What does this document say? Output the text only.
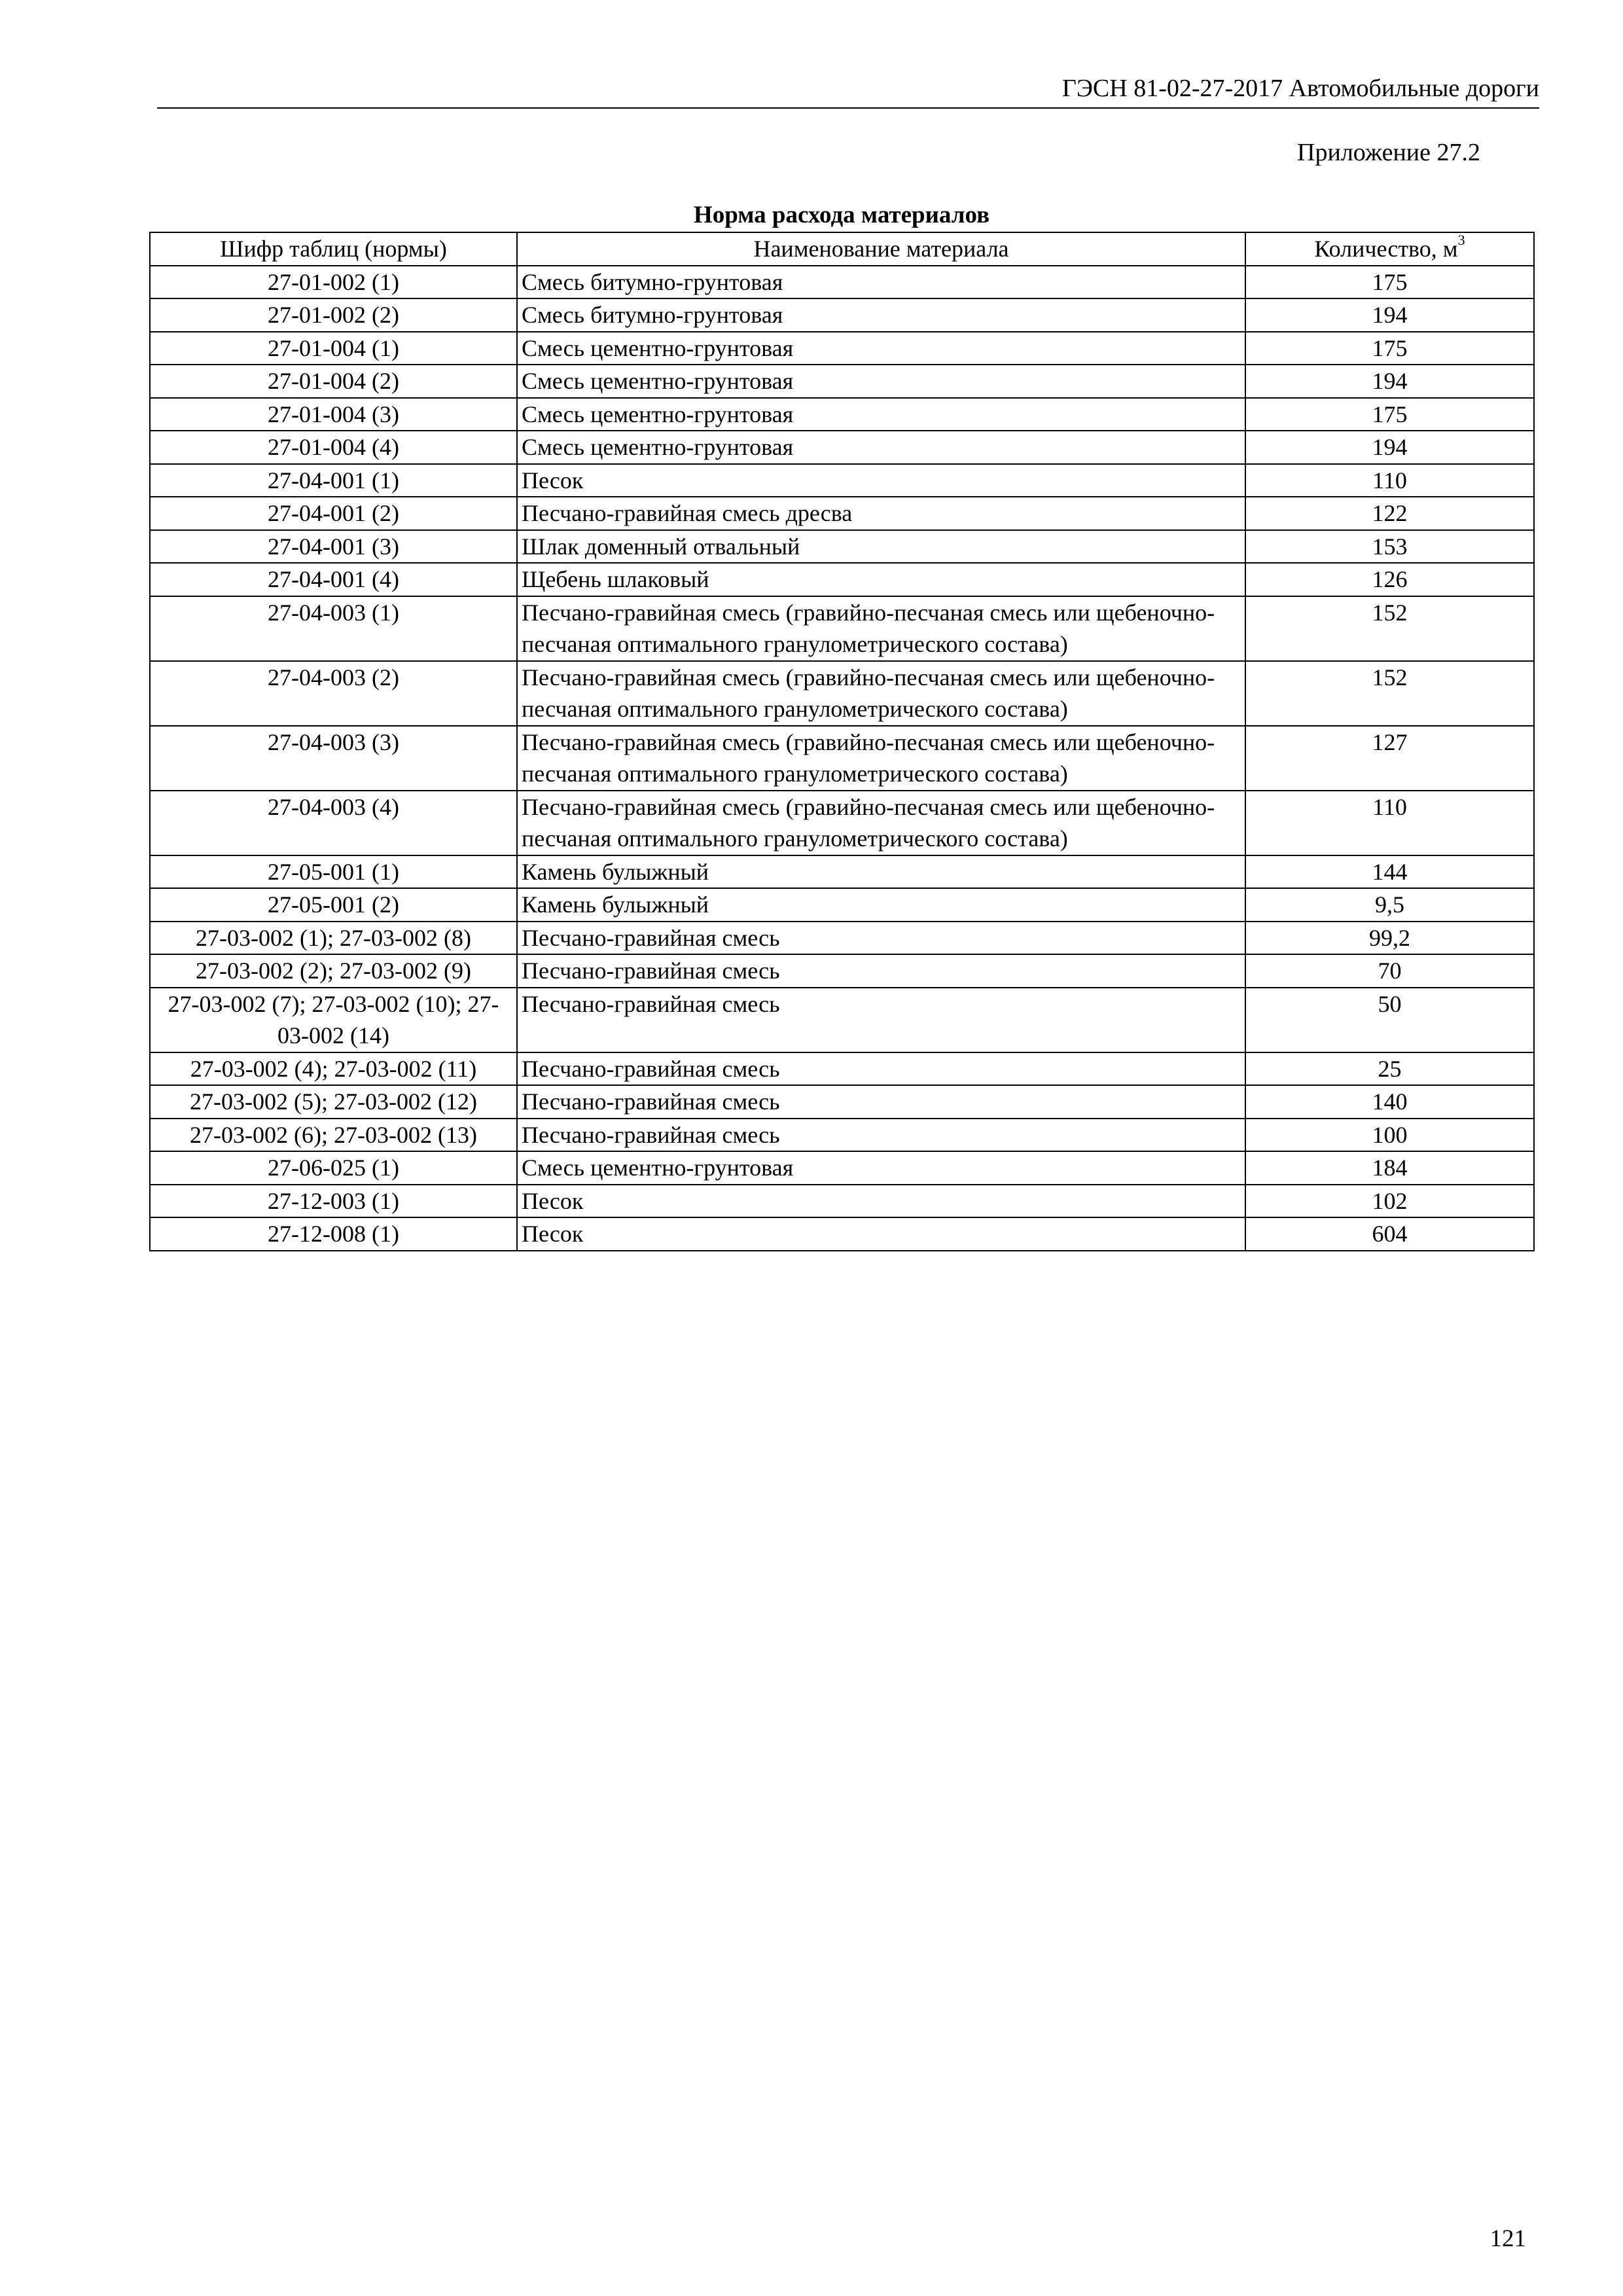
ГЭСН 81-02-27-2017 Автомобильные дороги
Приложение 27.2
Норма расхода материалов
Шифр таблиц (нормы)	Наименование материала	Количество, $м^3$
27-01-002 (1)	Смесь битумно-грунтовая	175
27-01-002 (2)	Смесь битумно-грунтовая	194
27-01-004 (1)	Смесь цементно-грунтовая	175
27-01-004 (2)	Смесь цементно-грунтовая	194
27-01-004 (3)	Смесь цементно-грунтовая	175
27-01-004 (4)	Смесь цементно-грунтовая	194
27-04-001 (1)	Песок	110
27-04-001 (2)	Песчано-гравийная смесь дресва	122
27-04-001 (3)	Шлак доменный отвальный	153
27-04-001 (4)	Щебень шлаковый	126
27-04-003 (1)	Песчано-гравийная смесь (гравийно-песчаная смесь или щебеночно-песчаная оптимального гранулометрического состава)	152
27-04-003 (2)	Песчано-гравийная смесь (гравийно-песчаная смесь или щебеночно-песчаная оптимального гранулометрического состава)	152
27-04-003 (3)	Песчано-гравийная смесь (гравийно-песчаная смесь или щебеночно-песчаная оптимального гранулометрического состава)	127
27-04-003 (4)	Песчано-гравийная смесь (гравийно-песчаная смесь или щебеночно-песчаная оптимального гранулометрического состава)	110
27-05-001 (1)	Камень булыжный	144
27-05-001 (2)	Камень булыжный	9,5
27-03-002 (1); 27-03-002 (8)	Песчано-гравийная смесь	99,2
27-03-002 (2); 27-03-002 (9)	Песчано-гравийная смесь	70
27-03-002 (7); 27-03-002 (10); 27-03-002 (14)	Песчано-гравийная смесь	50
27-03-002 (4); 27-03-002 (11)	Песчано-гравийная смесь	25
27-03-002 (5); 27-03-002 (12)	Песчано-гравийная смесь	140
27-03-002 (6); 27-03-002 (13)	Песчано-гравийная смесь	100
27-06-025 (1)	Смесь цементно-грунтовая	184
27-12-003 (1)	Песок	102
27-12-008 (1)	Песок	604
121
